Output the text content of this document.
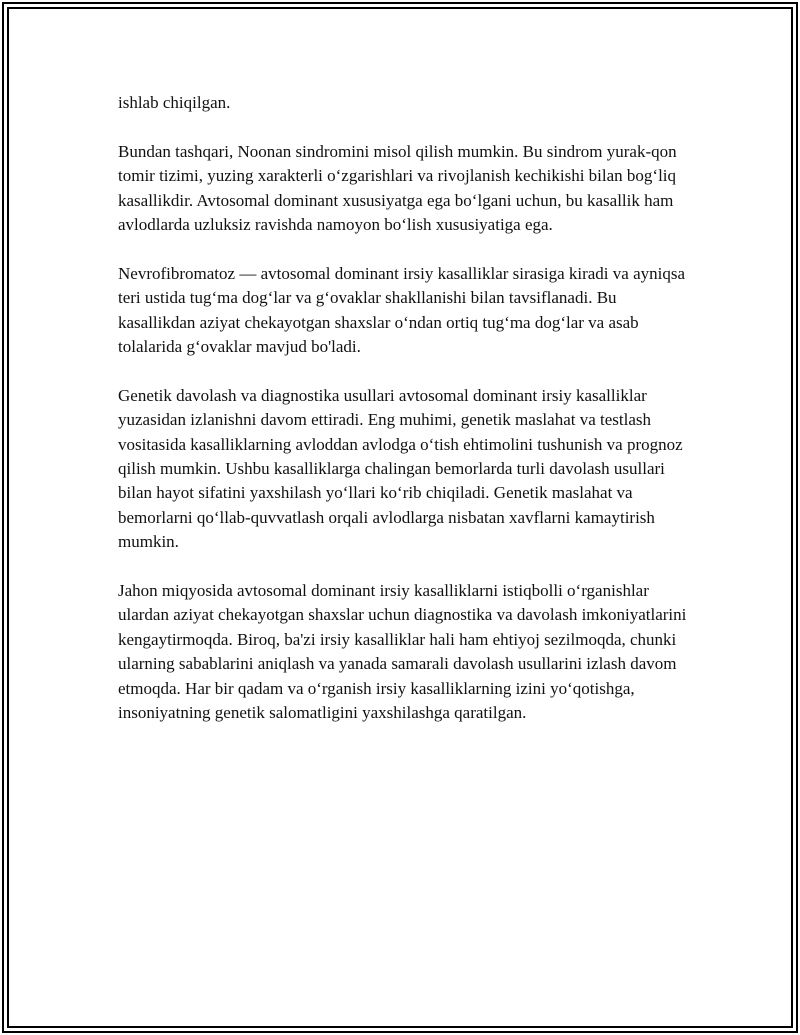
ishlab chiqilgan.

Bundan tashqari, Noonan sindromini misol qilish mumkin. Bu sindrom yurak-qon tomir tizimi, yuzing xarakterli o‘zgarishlari va rivojlanish kechikishi bilan bog‘liq kasallikdir. Avtosomal dominant xususiyatga ega bo‘lgani uchun, bu kasallik ham avlodlarda uzluksiz ravishda namoyon bo‘lish xususiyatiga ega.

Nevrofibromatoz — avtosomal dominant irsiy kasalliklar sirasiga kiradi va ayniqsa teri ustida tug‘ma dog‘lar va g‘ovaklar shakllanishi bilan tavsiflanadi. Bu kasallikdan aziyat chekayotgan shaxslar o‘ndan ortiq tug‘ma dog‘lar va asab tolalarida g‘ovaklar mavjud bo'ladi.

Genetik davolash va diagnostika usullari avtosomal dominant irsiy kasalliklar yuzasidan izlanishni davom ettiradi. Eng muhimi, genetik maslahat va testlash vositasida kasalliklarning avloddan avlodga o‘tish ehtimolini tushunish va prognoz qilish mumkin. Ushbu kasalliklarga chalingan bemorlarda turli davolash usullari bilan hayot sifatini yaxshilash yo‘llari ko‘rib chiqiladi. Genetik maslahat va bemorlarni qo‘llab-quvvatlash orqali avlodlarga nisbatan xavflarni kamaytirish mumkin.

Jahon miqyosida avtosomal dominant irsiy kasalliklarni istiqbolli o‘rganishlar ulardan aziyat chekayotgan shaxslar uchun diagnostika va davolash imkoniyatlarini kengaytirmoqda. Biroq, ba'zi irsiy kasalliklar hali ham ehtiyoj sezilmoqda, chunki ularning sabablarini aniqlash va yanada samarali davolash usullarini izlash davom etmoqda. Har bir qadam va o‘rganish irsiy kasalliklarning izini yo‘qotishga, insoniyatning genetik salomatligini yaxshilashga qaratilgan.
